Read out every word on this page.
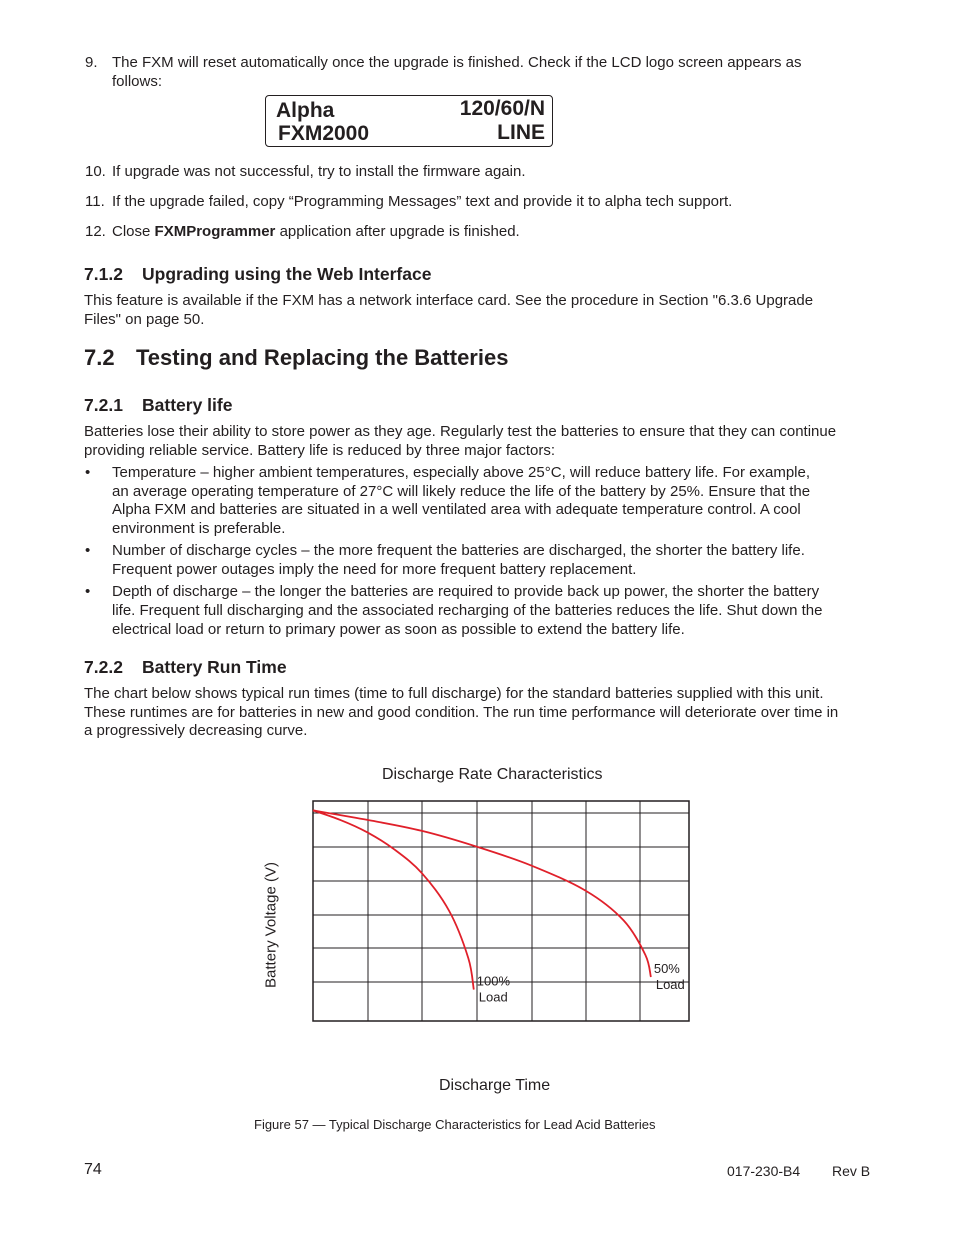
9. The FXM will reset automatically once the upgrade is finished. Check if the LCD logo screen appears as
follows:
Alpha	120/60/N
FXM2000	LINE
10. If upgrade was not successful, try to install the firmware again.
11. If the upgrade failed, copy “Programming Messages” text and provide it to alpha tech support.
12. Close FXMProgrammer application after upgrade is finished.
7.1.2 Upgrading using the Web Interface
This feature is available if the FXM has a network interface card. See the procedure in Section "6.3.6 Upgrade
Files" on page 50.
7.2 Testing and Replacing the Batteries
7.2.1 Battery life
Batteries lose their ability to store power as they age. Regularly test the batteries to ensure that they can continue
providing reliable service. Battery life is reduced by three major factors:
• Temperature – higher ambient temperatures, especially above 25°C, will reduce battery life. For example,
an average operating temperature of 27°C will likely reduce the life of the battery by 25%. Ensure that the
Alpha FXM and batteries are situated in a well ventilated area with adequate temperature control. A cool
environment is preferable.
• Number of discharge cycles – the more frequent the batteries are discharged, the shorter the battery life.
Frequent power outages imply the need for more frequent battery replacement.
• Depth of discharge – the longer the batteries are required to provide back up power, the shorter the battery
life. Frequent full discharging and the associated recharging of the batteries reduces the life. Shut down the
electrical load or return to primary power as soon as possible to extend the battery life.
7.2.2 Battery Run Time
The chart below shows typical run times (time to full discharge) for the standard batteries supplied with this unit.
These runtimes are for batteries in new and good condition. The run time performance will deteriorate over time in
a progressively decreasing curve.
Discharge Rate Characteristics
Battery Voltage (V)	100%
Load
50%
Load
Discharge Time
Figure 57 — Typical Discharge Characteristics for Lead Acid Batteries
74	017-230-B4 Rev B
